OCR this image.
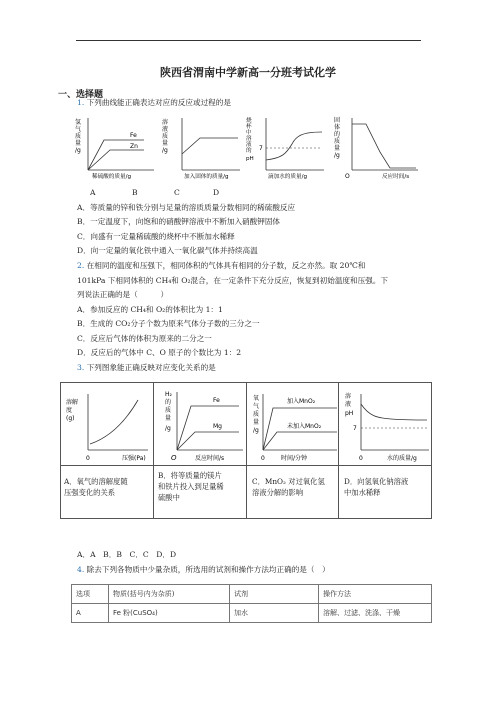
陕西省渭南中学新高一分班考试化学
一、选择题
1. 下列曲线能正确表达对应的反应或过程的是
氢气质量/g
Fe
Zn
稀硫酸的质量/g
溶液质量/g
加入固体的质量/g
烧杯中溶液的 pH
7
滴加水的质量/g
固体的质量/g
O	反应时间/s
A	B	C	D
A．等质量的锌和铁分别与足量的溶质质量分数相同的稀硫酸反应
B．一定温度下，向饱和的硝酸钾溶液中不断加入硝酸钾固体
C．向盛有一定量稀硫酸的烧杯中不断加水稀释
D．向一定量的氧化铁中通入一氧化碳气体并持续高温
2. 在相同的温度和压强下，相同体积的气体具有相同的分子数，反之亦然。取 20℃和
101kPa 下相同体积的 CH₄和 O₂混合，在一定条件下充分反应，恢复到初始温度和压强。下
列说法正确的是（　　　）
A．参加反应的 CH₄和 O₂的体积比为 1：1
B．生成的 CO₂分子个数为原来气体分子数的三分之一
C．反应后气体的体积为原来的二分之一
D．反应后的气体中 C、O 原子的个数比为 1：2
3. 下列图象能正确反映对应变化关系的是

溶解度(g)
0	压强(Pa)
H₂ 的质量/g
Fe
Mg
O	反应时间/s
氧气质量/g
加入MnO₂
未加入MnO₂
0	时间/分钟
溶液 pH
7
0	水的质量/g
A．氧气的溶解度随
压强变化的关系
B．将等质量的镁片
和铁片投入到足量稀
硫酸中
C．MnO₂ 对过氧化氢
溶液分解的影响
D．向氢氧化钠溶液
中加水稀释
A．A　B．B　C．C　D．D
4. 除去下列各物质中少量杂质，所选用的试剂和操作方法均正确的是（　）
选项	物质(括号内为杂质)	试剂	操作方法
A	Fe 粉(CuSO₄)	加水	溶解、过滤、洗涤、干燥
